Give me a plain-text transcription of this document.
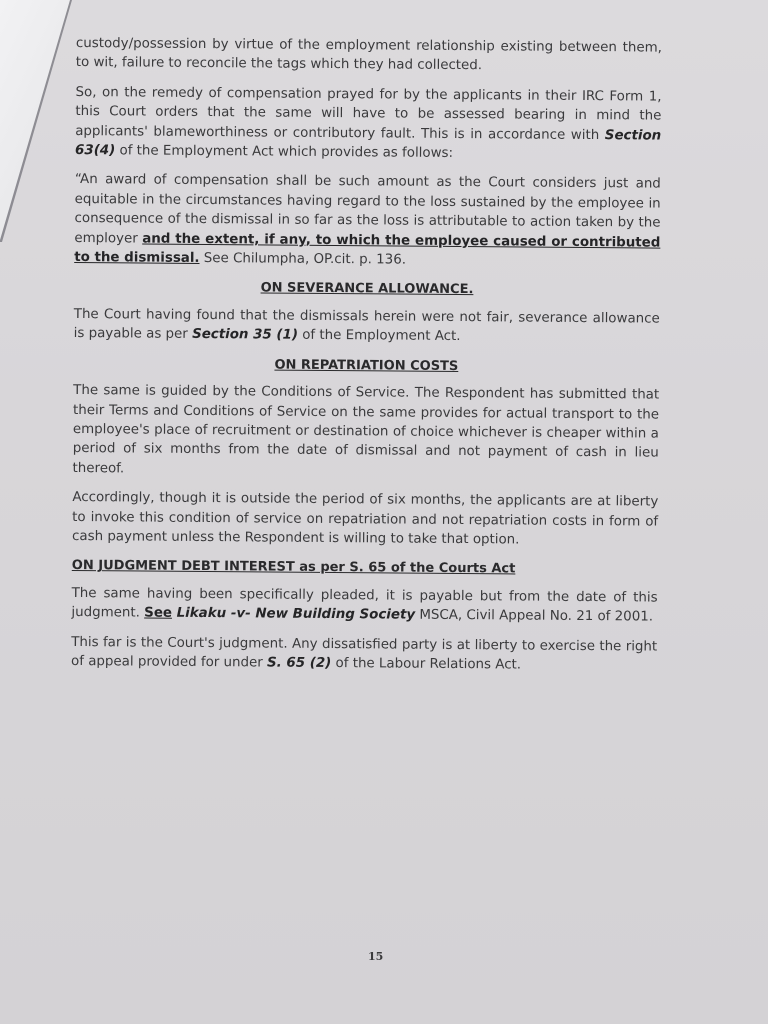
custody/possession by virtue of the employment relationship existing between them, to wit, failure to reconcile the tags which they had collected.

So, on the remedy of compensation prayed for by the applicants in their IRC Form 1, this Court orders that the same will have to be assessed bearing in mind the applicants' blameworthiness or contributory fault. This is in accordance with Section 63(4) of the Employment Act which provides as follows:

“An award of compensation shall be such amount as the Court considers just and equitable in the circumstances having regard to the loss sustained by the employee in consequence of the dismissal in so far as the loss is attributable to action taken by the employer and the extent, if any, to which the employee caused or contributed to the dismissal. See Chilumpha, OP.cit. p. 136.

ON SEVERANCE ALLOWANCE.

The Court having found that the dismissals herein were not fair, severance allowance is payable as per Section 35 (1) of the Employment Act.

ON REPATRIATION COSTS

The same is guided by the Conditions of Service. The Respondent has submitted that their Terms and Conditions of Service on the same provides for actual transport to the employee's place of recruitment or destination of choice whichever is cheaper within a period of six months from the date of dismissal and not payment of cash in lieu thereof.

Accordingly, though it is outside the period of six months, the applicants are at liberty to invoke this condition of service on repatriation and not repatriation costs in form of cash payment unless the Respondent is willing to take that option.

ON JUDGMENT DEBT INTEREST as per S. 65 of the Courts Act

The same having been specifically pleaded, it is payable but from the date of this judgment. See Likaku -v- New Building Society MSCA, Civil Appeal No. 21 of 2001.

This far is the Court's judgment. Any dissatisfied party is at liberty to exercise the right of appeal provided for under S. 65 (2) of the Labour Relations Act.

15
